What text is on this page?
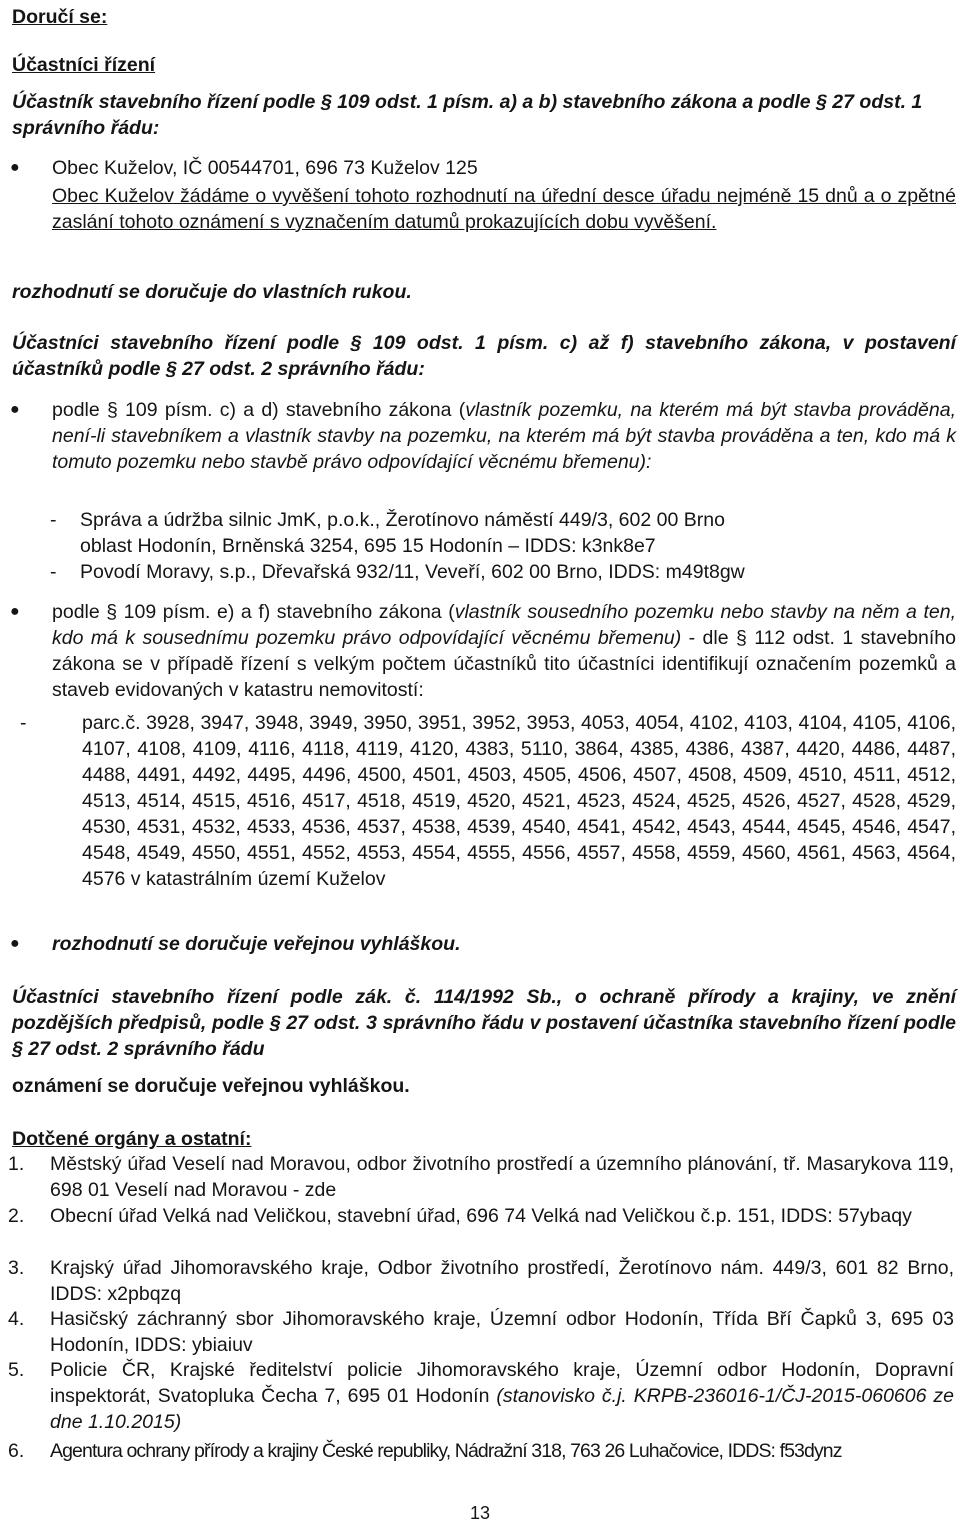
Doručí se:
Účastníci řízení
Účastník stavebního řízení podle § 109 odst. 1 písm. a) a b) stavebního zákona a podle § 27 odst. 1 správního řádu:
●	Obec Kuželov, IČ 00544701, 696 73 Kuželov 125
Obec Kuželov žádáme o vyvěšení tohoto rozhodnutí na úřední desce úřadu nejméně 15 dnů a o zpětné zaslání tohoto oznámení s vyznačením datumů prokazujících dobu vyvěšení.
rozhodnutí se doručuje do vlastních rukou.
Účastníci stavebního řízení podle § 109 odst. 1 písm. c) až f) stavebního zákona, v postavení účastníků podle § 27 odst. 2 správního řádu:
●	podle § 109 písm. c) a d) stavebního zákona (vlastník pozemku, na kterém má být stavba prováděna, není-li stavebníkem a vlastník stavby na pozemku, na kterém má být stavba prováděna a ten, kdo má k tomuto pozemku nebo stavbě právo odpovídající věcnému břemenu):
-	Správa a údržba silnic JmK, p.o.k., Žerotínovo náměstí 449/3, 602 00 Brno
oblast Hodonín, Brněnská 3254, 695 15 Hodonín – IDDS: k3nk8e7
-	Povodí Moravy, s.p., Dřevařská 932/11, Veveří, 602 00 Brno, IDDS: m49t8gw
●	podle § 109 písm. e) a f) stavebního zákona (vlastník sousedního pozemku nebo stavby na něm a ten, kdo má k sousednímu pozemku právo odpovídající věcnému břemenu) - dle § 112 odst. 1 stavebního zákona se v případě řízení s velkým počtem účastníků tito účastníci identifikují označením pozemků a staveb evidovaných v katastru nemovitostí:
-	parc.č. 3928, 3947, 3948, 3949, 3950, 3951, 3952, 3953, 4053, 4054, 4102, 4103, 4104, 4105, 4106, 4107, 4108, 4109, 4116, 4118, 4119, 4120, 4383, 5110, 3864, 4385, 4386, 4387, 4420, 4486, 4487, 4488, 4491, 4492, 4495, 4496, 4500, 4501, 4503, 4505, 4506, 4507, 4508, 4509, 4510, 4511, 4512, 4513, 4514, 4515, 4516, 4517, 4518, 4519, 4520, 4521, 4523, 4524, 4525, 4526, 4527, 4528, 4529, 4530, 4531, 4532, 4533, 4536, 4537, 4538, 4539, 4540, 4541, 4542, 4543, 4544, 4545, 4546, 4547, 4548, 4549, 4550, 4551, 4552, 4553, 4554, 4555, 4556, 4557, 4558, 4559, 4560, 4561, 4563, 4564, 4576 v katastrálním území Kuželov
●	rozhodnutí se doručuje veřejnou vyhláškou.
Účastníci stavebního řízení podle zák. č. 114/1992 Sb., o ochraně přírody a krajiny, ve znění pozdějších předpisů, podle § 27 odst. 3 správního řádu v postavení účastníka stavebního řízení podle § 27 odst. 2 správního řádu
oznámení se doručuje veřejnou vyhláškou.
Dotčené orgány a ostatní:
1.	Městský úřad Veselí nad Moravou, odbor životního prostředí a územního plánování, tř. Masarykova 119, 698 01 Veselí nad Moravou - zde
2.	Obecní úřad Velká nad Veličkou, stavební úřad, 696 74 Velká nad Veličkou č.p. 151, IDDS: 57ybaqy
3.	Krajský úřad Jihomoravského kraje, Odbor životního prostředí, Žerotínovo nám. 449/3, 601 82 Brno, IDDS: x2pbqzq
4.	Hasičský záchranný sbor Jihomoravského kraje, Územní odbor Hodonín, Třída Bří Čapků 3, 695 03 Hodonín, IDDS: ybiaiuv
5.	Policie ČR, Krajské ředitelství policie Jihomoravského kraje, Územní odbor Hodonín, Dopravní inspektorát, Svatopluka Čecha 7, 695 01 Hodonín (stanovisko č.j. KRPB-236016-1/ČJ-2015-060606 ze dne 1.10.2015)
6.	Agentura ochrany přírody a krajiny České republiky, Nádražní 318, 763 26 Luhačovice, IDDS: f53dynz
13
